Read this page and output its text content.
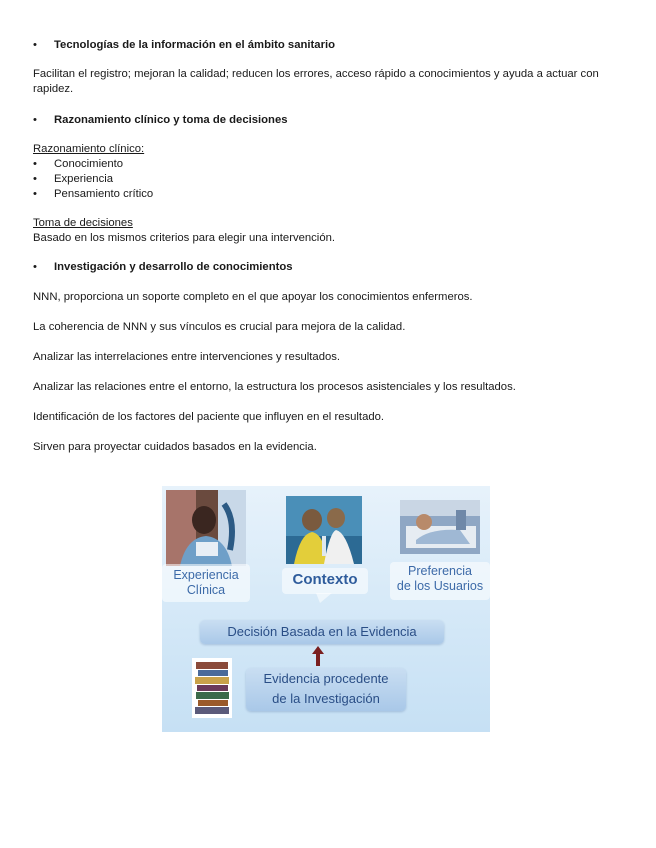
•	Tecnologías de la información en el ámbito sanitario

Facilitan el registro; mejoran la calidad; reducen los errores, acceso rápido a conocimientos y ayuda a actuar con rapidez.

•	Razonamiento clínico y toma de decisiones

Razonamiento clínico:

•	Conocimiento
•	Experiencia
•	Pensamiento crítico

Toma de decisiones

Basado en los mismos criterios para elegir una intervención.

•	Investigación y desarrollo de conocimientos

NNN, proporciona un soporte completo en el que apoyar los conocimientos enfermeros.

La coherencia de NNN y sus vínculos es crucial para mejora de la calidad.

Analizar las interrelaciones entre intervenciones y resultados.

Analizar las relaciones entre el entorno, la estructura los procesos asistenciales y los resultados.

Identificación de los factores del paciente que influyen en el resultado.

Sirven para proyectar cuidados basados en la evidencia.

Experiencia
Clínica
Contexto	Preferencia
de los Usuarios
Decisión Basada en la Evidencia
Evidencia procedente
de la Investigación
